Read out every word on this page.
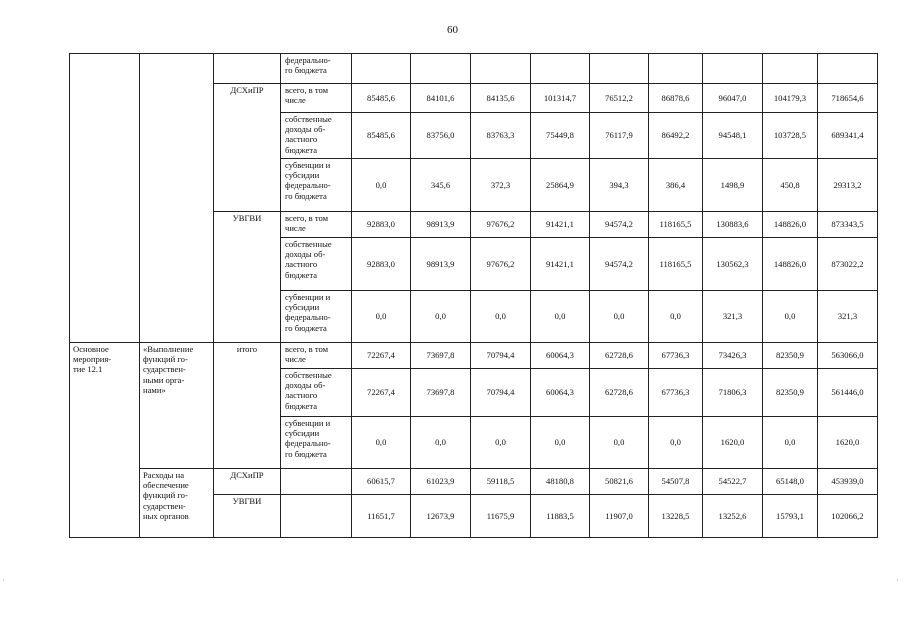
60
			федерально-
го бюджета									
		ДСХиПР	всего, в том
числе	85485,6	84101,6	84135,6	101314,7	76512,2	86878,6	96047,0	104179,3	718654,6
			собственные
доходы об-
ластного
бюджета	85485,6	83756,0	83763,3	75449,8	76117,9	86492,2	94548,1	103728,5	689341,4
			субвенции и
субсидии
федерально-
го бюджета	0,0	345,6	372,3	25864,9	394,3	386,4	1498,9	450,8	29313,2
		УВГВИ	всего, в том
числе	92883,0	98913,9	97676,2	91421,1	94574,2	118165,5	130883,6	148826,0	873343,5
			собственные
доходы об-
ластного
бюджета	92883,0	98913,9	97676,2	91421,1	94574,2	118165,5	130562,3	148826,0	873022,2
			субвенции и
субсидии
федерально-
го бюджета	0,0	0,0	0,0	0,0	0,0	0,0	321,3	0,0	321,3
Основное
мероприя-
тие 12.1	«Выполнение
функций го-
сударствен-
ными орга-
нами»	итого	всего, в том
числе	72267,4	73697,8	70794,4	60064,3	62728,6	67736,3	73426,3	82350,9	563066,0
			собственные
доходы об-
ластного
бюджета	72267,4	73697,8	70794,4	60064,3	62728,6	67736,3	71806,3	82350,9	561446,0
			субвенции и
субсидии
федерально-
го бюджета	0,0	0,0	0,0	0,0	0,0	0,0	1620,0	0,0	1620,0
	Расходы на
обеспечение
функций го-
сударствен-
ных органов	ДСХиПР		60615,7	61023,9	59118,5	48180,8	50821,6	54507,8	54522,7	65148,0	453939,0
		УВГВИ		11651,7	12673,9	11675,9	11883,5	11907,0	13228,5	13252,6	15793,1	102066,2
·	·
